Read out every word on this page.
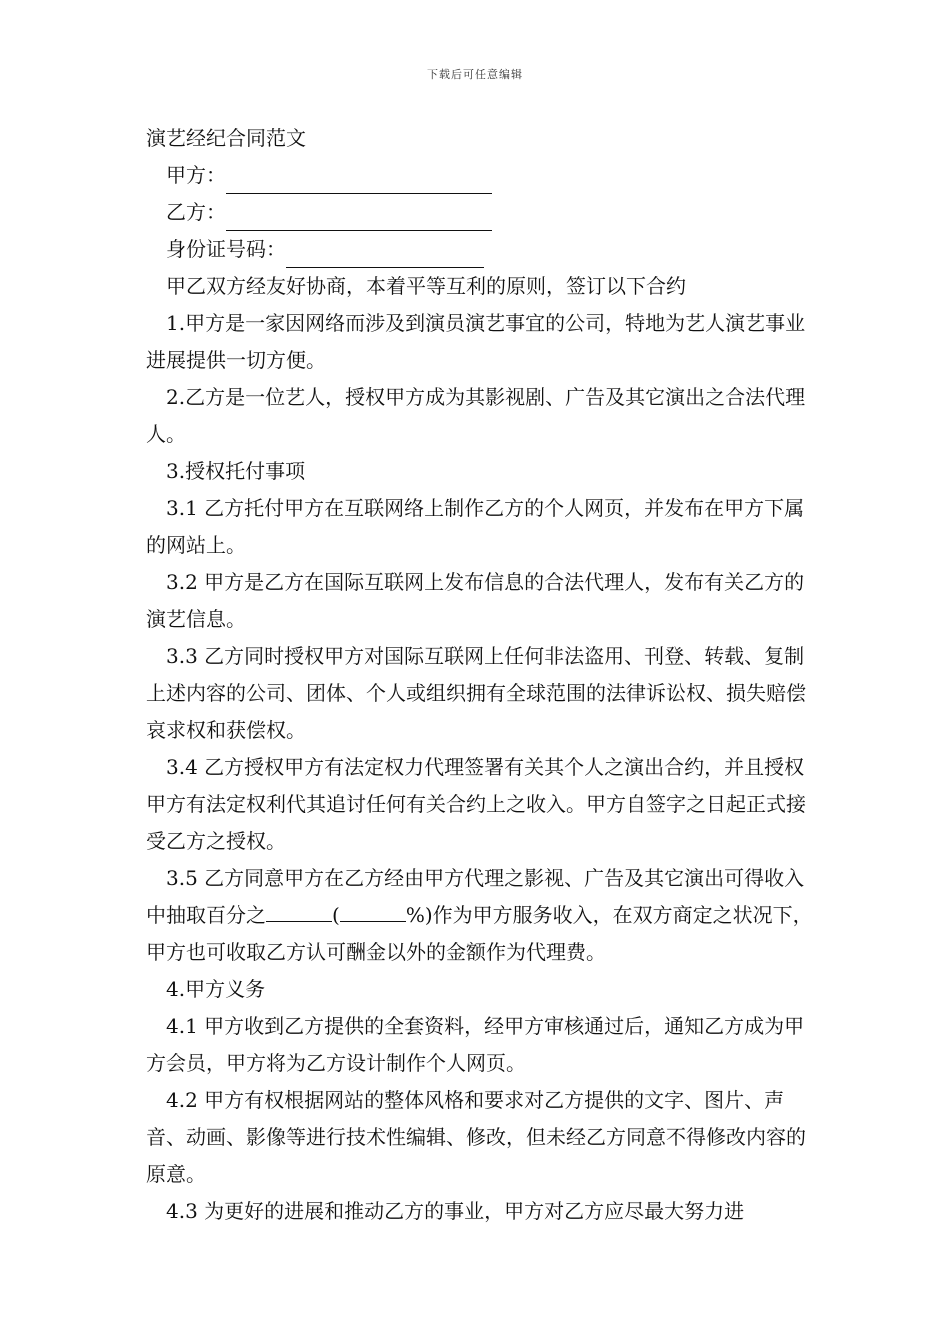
下载后可任意编辑

演艺经纪合同范文

甲方：
乙方：
身份证号码：

甲乙双方经友好协商，本着平等互利的原则，签订以下合约

1.甲方是一家因网络而涉及到演员演艺事宜的公司，特地为艺人演艺事业进展提供一切方便。

2.乙方是一位艺人，授权甲方成为其影视剧、广告及其它演出之合法代理人。

3.授权托付事项

3.1 乙方托付甲方在互联网络上制作乙方的个人网页，并发布在甲方下属的网站上。

3.2 甲方是乙方在国际互联网上发布信息的合法代理人，发布有关乙方的演艺信息。

3.3 乙方同时授权甲方对国际互联网上任何非法盗用、刊登、转载、复制上述内容的公司、团体、个人或组织拥有全球范围的法律诉讼权、损失赔偿哀求权和获偿权。

3.4 乙方授权甲方有法定权力代理签署有关其个人之演出合约，并且授权甲方有法定权利代其追讨任何有关合约上之收入。甲方自签字之日起正式接受乙方之授权。

3.5 乙方同意甲方在乙方经由甲方代理之影视、广告及其它演出可得收入中抽取百分之	(	%)作为甲方服务收入，在双方商定之状况下，甲方也可收取乙方认可酬金以外的金额作为代理费。

4.甲方义务

4.1 甲方收到乙方提供的全套资料，经甲方审核通过后，通知乙方成为甲方会员，甲方将为乙方设计制作个人网页。

4.2 甲方有权根据网站的整体风格和要求对乙方提供的文字、图片、声音、动画、影像等进行技术性编辑、修改，但未经乙方同意不得修改内容的原意。

4.3 为更好的进展和推动乙方的事业，甲方对乙方应尽最大努力进
